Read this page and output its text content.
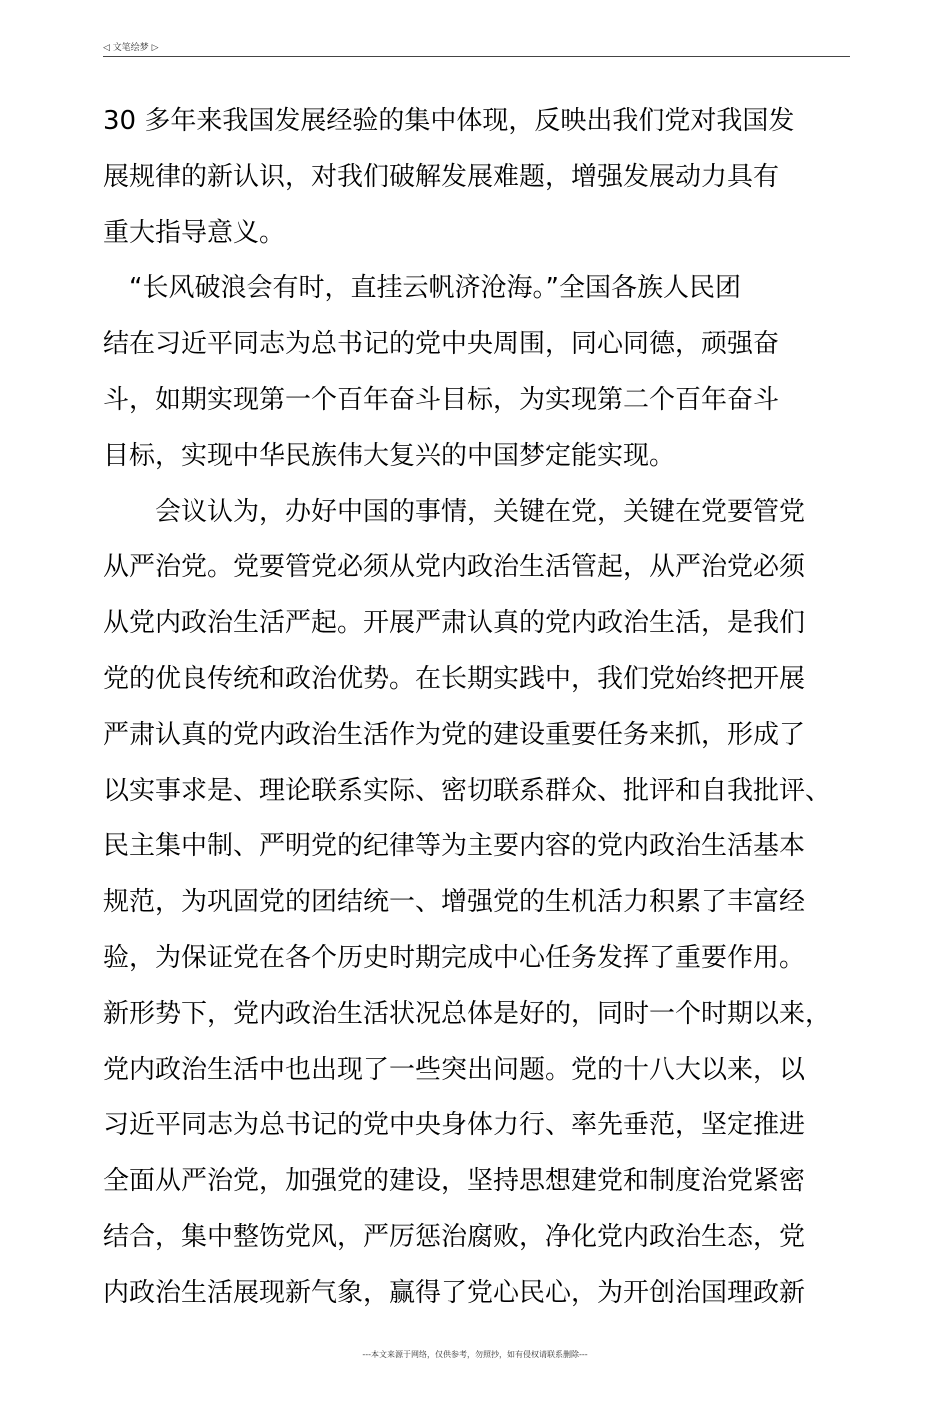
◁ 文笔绘梦 ▷
30 多年来我国发展经验的集中体现，反映出我们党对我国发
展规律的新认识，对我们破解发展难题，增强发展动力具有
重大指导意义。
　“长风破浪会有时，直挂云帆济沧海。”全国各族人民团
结在习近平同志为总书记的党中央周围，同心同德，顽强奋
斗，如期实现第一个百年奋斗目标，为实现第二个百年奋斗
目标，实现中华民族伟大复兴的中国梦定能实现。
　　会议认为，办好中国的事情，关键在党，关键在党要管党
从严治党。党要管党必须从党内政治生活管起，从严治党必须
从党内政治生活严起。开展严肃认真的党内政治生活，是我们
党的优良传统和政治优势。在长期实践中，我们党始终把开展
严肃认真的党内政治生活作为党的建设重要任务来抓，形成了
以实事求是、理论联系实际、密切联系群众、批评和自我批评、
民主集中制、严明党的纪律等为主要内容的党内政治生活基本
规范，为巩固党的团结统一、增强党的生机活力积累了丰富经
验，为保证党在各个历史时期完成中心任务发挥了重要作用。
新形势下，党内政治生活状况总体是好的，同时一个时期以来，
党内政治生活中也出现了一些突出问题。党的十八大以来，以
习近平同志为总书记的党中央身体力行、率先垂范，坚定推进
全面从严治党，加强党的建设，坚持思想建党和制度治党紧密
结合，集中整饬党风，严厉惩治腐败，净化党内政治生态，党
内政治生活展现新气象，赢得了党心民心，为开创治国理政新
---本文来源于网络，仅供参考，勿照抄，如有侵权请联系删除---
